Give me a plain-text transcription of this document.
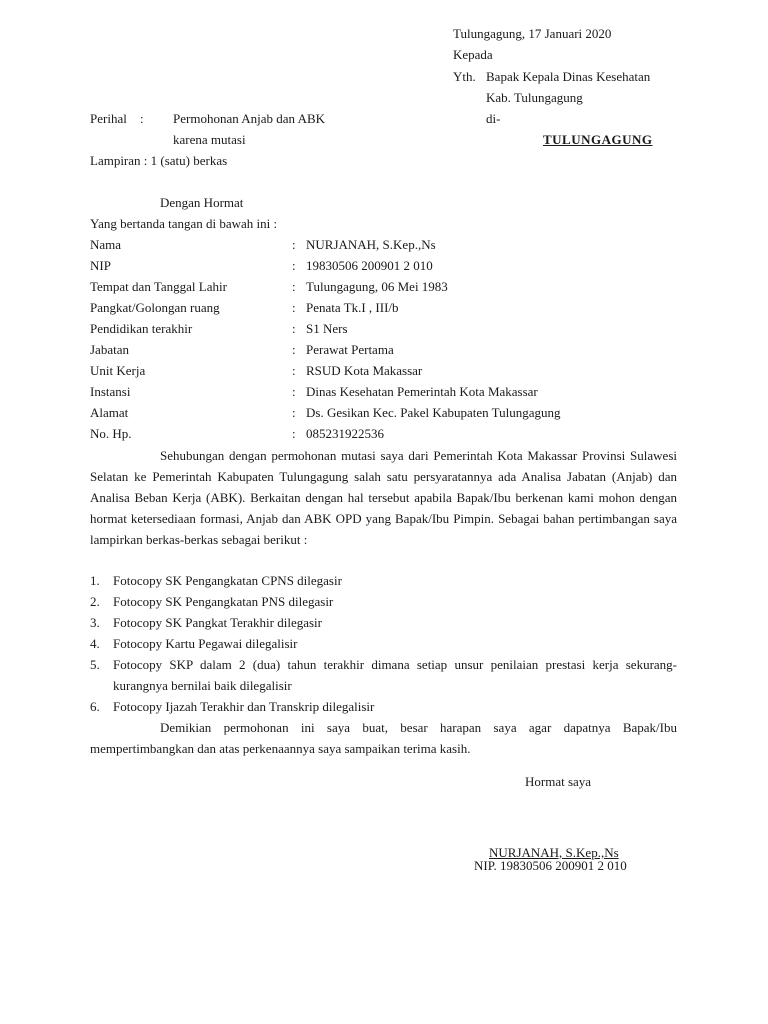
Tulungagung, 17 Januari 2020
Kepada
Yth. Bapak Kepala Dinas Kesehatan
Kab. Tulungagung
di-
TULUNGAGUNG
Perihal : Permohonan Anjab dan ABK
karena mutasi
Lampiran : 1 (satu) berkas
Dengan Hormat
Yang bertanda tangan di bawah ini :
Nama	: NURJANAH, S.Kep.,Ns
NIP	: 19830506 200901 2 010
Tempat dan Tanggal Lahir	: Tulungagung, 06 Mei 1983
Pangkat/Golongan ruang	: Penata Tk.I , III/b
Pendidikan terakhir	: S1 Ners
Jabatan	: Perawat Pertama
Unit Kerja	: RSUD Kota Makassar
Instansi	: Dinas Kesehatan Pemerintah Kota Makassar
Alamat	: Ds. Gesikan Kec. Pakel Kabupaten Tulungagung
No. Hp.	: 085231922536
Sehubungan dengan permohonan mutasi saya dari Pemerintah Kota Makassar Provinsi Sulawesi Selatan ke Pemerintah Kabupaten Tulungagung salah satu persyaratannya ada Analisa Jabatan (Anjab) dan Analisa Beban Kerja (ABK). Berkaitan dengan hal tersebut apabila Bapak/Ibu berkenan kami mohon dengan hormat ketersediaan formasi, Anjab dan ABK OPD yang Bapak/Ibu Pimpin. Sebagai bahan pertimbangan saya lampirkan berkas-berkas sebagai berikut :
1. Fotocopy SK Pengangkatan CPNS dilegasir
2. Fotocopy SK Pengangkatan PNS dilegasir
3. Fotocopy SK Pangkat Terakhir dilegasir
4. Fotocopy Kartu Pegawai dilegalisir
5. Fotocopy SKP dalam 2 (dua) tahun terakhir dimana setiap unsur penilaian prestasi kerja sekurang-kurangnya bernilai baik dilegalisir
6. Fotocopy Ijazah Terakhir dan Transkrip dilegalisir
Demikian permohonan ini saya buat, besar harapan saya agar dapatnya Bapak/Ibu mempertimbangkan dan atas perkenaannya saya sampaikan terima kasih.
Hormat saya
NURJANAH, S.Kep.,Ns
NIP. 19830506 200901 2 010
